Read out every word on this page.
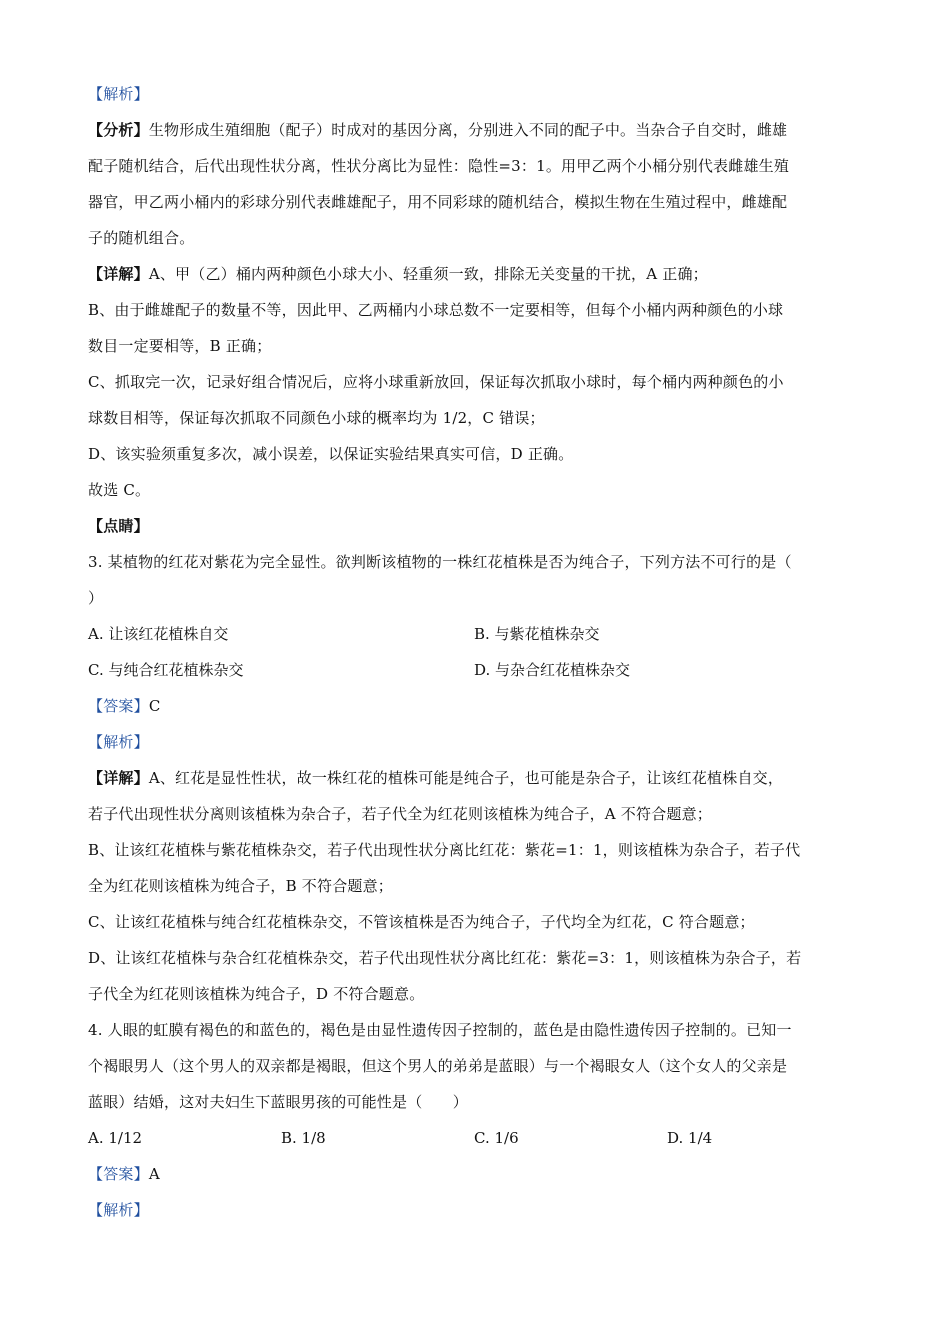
【解析】
【分析】生物形成生殖细胞（配子）时成对的基因分离，分别进入不同的配子中。当杂合子自交时，雌雄
配子随机结合，后代出现性状分离，性状分离比为显性：隐性=3：1。用甲乙两个小桶分别代表雌雄生殖
器官，甲乙两小桶内的彩球分别代表雌雄配子，用不同彩球的随机结合，模拟生物在生殖过程中，雌雄配
子的随机组合。
【详解】A、甲（乙）桶内两种颜色小球大小、轻重须一致，排除无关变量的干扰，A 正确；
B、由于雌雄配子的数量不等，因此甲、乙两桶内小球总数不一定要相等，但每个小桶内两种颜色的小球
数目一定要相等，B 正确；
C、抓取完一次，记录好组合情况后，应将小球重新放回，保证每次抓取小球时，每个桶内两种颜色的小
球数目相等，保证每次抓取不同颜色小球的概率均为 1/2，C 错误；
D、该实验须重复多次，减小误差，以保证实验结果真实可信，D 正确。
故选 C。
【点睛】
3. 某植物的红花对紫花为完全显性。欲判断该植物的一株红花植株是否为纯合子，下列方法不可行的是（
）
A. 让该红花植株自交	B. 与紫花植株杂交
C. 与纯合红花植株杂交	D. 与杂合红花植株杂交
【答案】C
【解析】
【详解】A、红花是显性性状，故一株红花的植株可能是纯合子，也可能是杂合子，让该红花植株自交，
若子代出现性状分离则该植株为杂合子，若子代全为红花则该植株为纯合子，A 不符合题意；
B、让该红花植株与紫花植株杂交，若子代出现性状分离比红花：紫花=1：1，则该植株为杂合子，若子代
全为红花则该植株为纯合子，B 不符合题意；
C、让该红花植株与纯合红花植株杂交，不管该植株是否为纯合子，子代均全为红花，C 符合题意；
D、让该红花植株与杂合红花植株杂交，若子代出现性状分离比红花：紫花=3：1，则该植株为杂合子，若
子代全为红花则该植株为纯合子，D 不符合题意。
4. 人眼的虹膜有褐色的和蓝色的，褐色是由显性遗传因子控制的，蓝色是由隐性遗传因子控制的。已知一
个褐眼男人（这个男人的双亲都是褐眼，但这个男人的弟弟是蓝眼）与一个褐眼女人（这个女人的父亲是
蓝眼）结婚，这对夫妇生下蓝眼男孩的可能性是（　　）
A. 1/12	B. 1/8	C. 1/6	D. 1/4
【答案】A
【解析】
